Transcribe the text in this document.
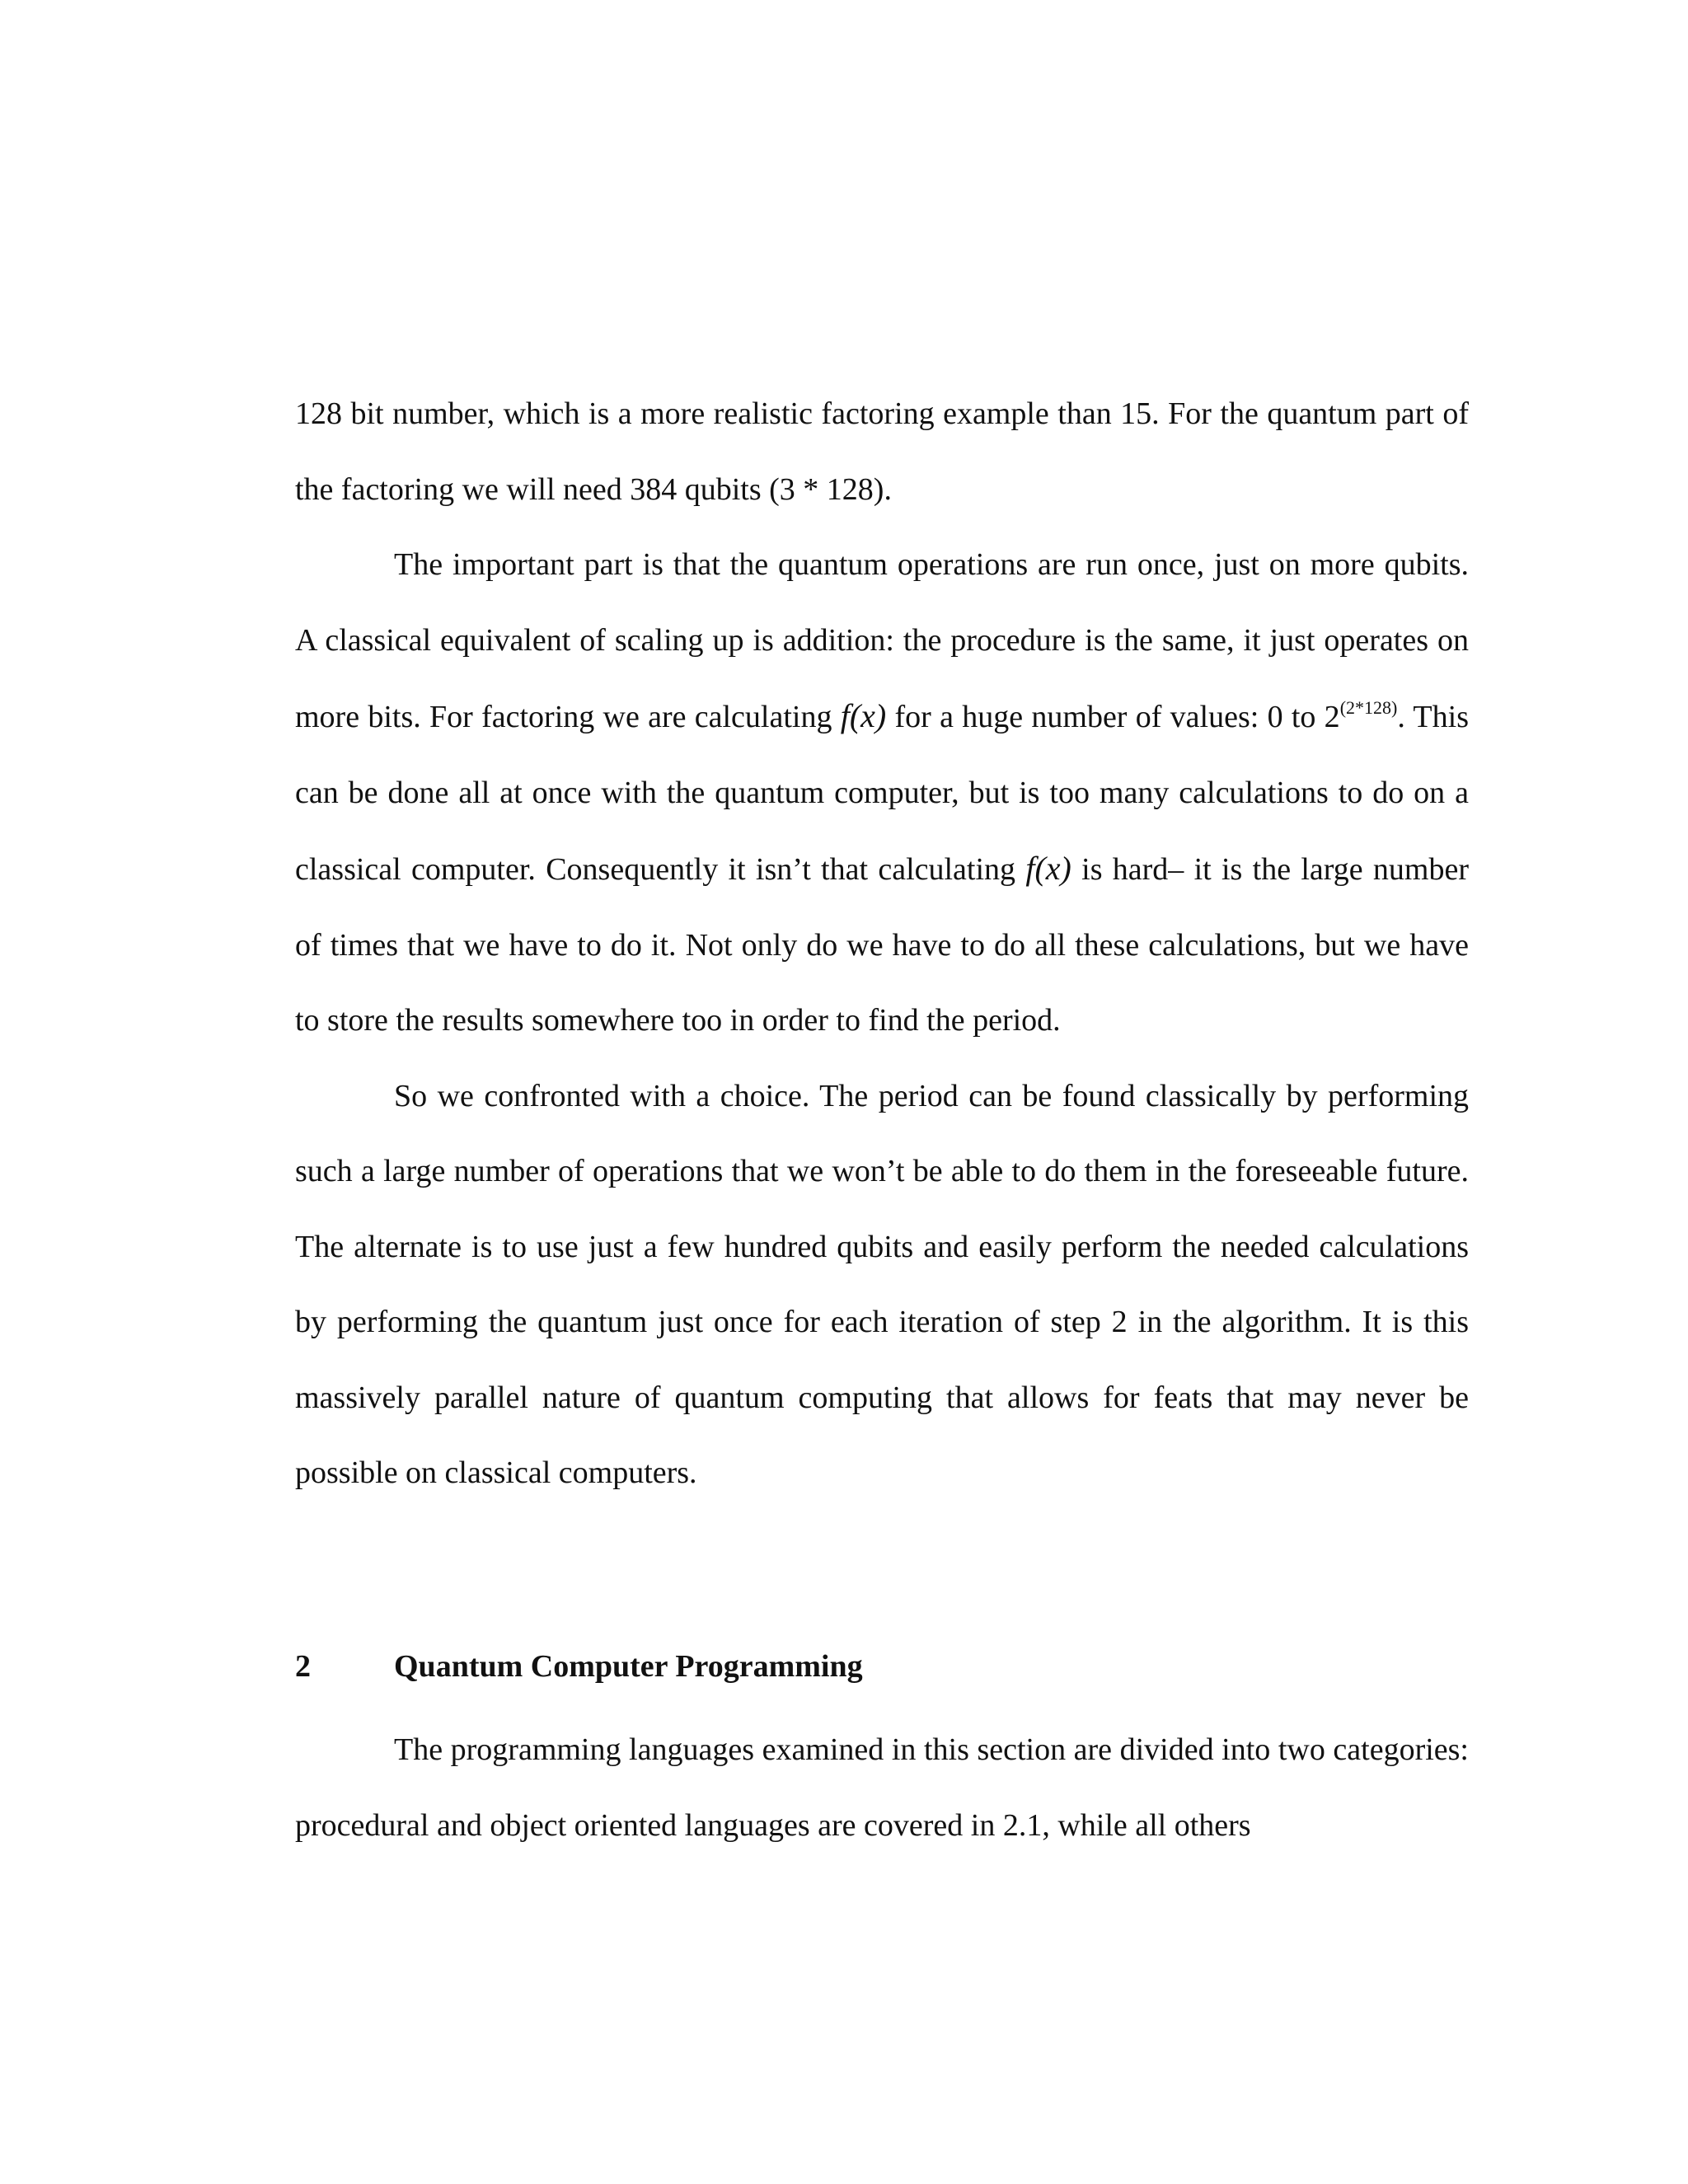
128 bit number, which is a more realistic factoring example than 15. For the quantum part of the factoring we will need 384 qubits (3 * 128).

The important part is that the quantum operations are run once, just on more qubits. A classical equivalent of scaling up is addition: the procedure is the same, it just operates on more bits. For factoring we are calculating f(x) for a huge number of values: 0 to $2^{(2*128)}$. This can be done all at once with the quantum computer, but is too many calculations to do on a classical computer. Consequently it isn’t that calculating f(x) is hard– it is the large number of times that we have to do it. Not only do we have to do all these calculations, but we have to store the results somewhere too in order to find the period.

So we confronted with a choice. The period can be found classically by performing such a large number of operations that we won’t be able to do them in the foreseeable future. The alternate is to use just a few hundred qubits and easily perform the needed calculations by performing the quantum just once for each iteration of step 2 in the algorithm. It is this massively parallel nature of quantum computing that allows for feats that may never be possible on classical computers.

2	Quantum Computer Programming

The programming languages examined in this section are divided into two categories: procedural and object oriented languages are covered in 2.1, while all others
